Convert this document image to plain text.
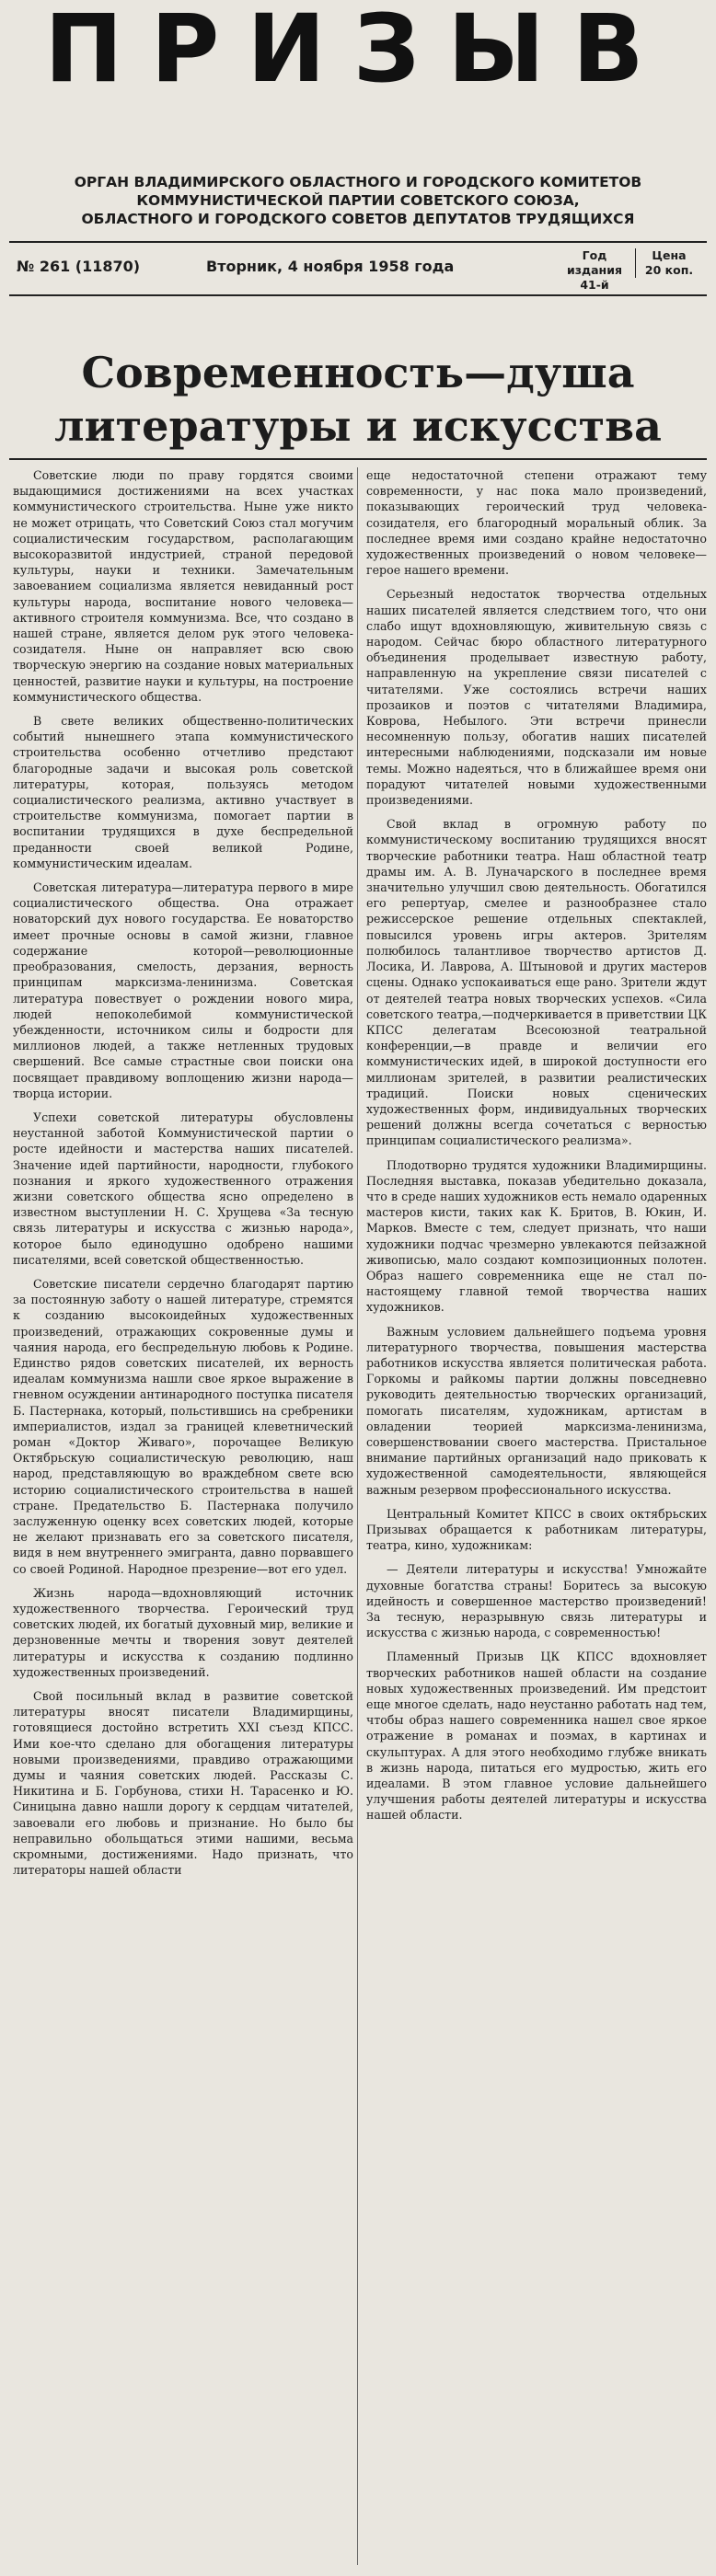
ПРИЗЫВ
ОРГАН ВЛАДИМИРСКОГО ОБЛАСТНОГО И ГОРОДСКОГО КОМИТЕТОВ
КОММУНИСТИЧЕСКОЙ ПАРТИИ СОВЕТСКОГО СОЮЗА,
ОБЛАСТНОГО И ГОРОДСКОГО СОВЕТОВ ДЕПУТАТОВ ТРУДЯЩИХСЯ
№ 261 (11870)	Вторник, 4 ноября 1958 года
Год издания
41-й
Цена
20 коп.
Современность—душа
литературы и искусства

Советские люди по праву гордятся своими выдающимися достижениями на всех участках коммунистического строительства. Ныне уже никто не может отрицать, что Советский Союз стал могучим социалистическим государством, располагающим высокоразвитой индустрией, страной передовой культуры, науки и техники. Замечательным завоеванием социализма является невиданный рост культуры народа, воспитание нового человека—активного строителя коммунизма. Все, что создано в нашей стране, является делом рук этого человека-созидателя. Ныне он направляет всю свою творческую энергию на создание новых материальных ценностей, развитие науки и культуры, на построение коммунистического общества.

В свете великих общественно-политических событий нынешнего этапа коммунистического строительства особенно отчетливо предстают благородные задачи и высокая роль советской литературы, которая, пользуясь методом социалистического реализма, активно участвует в строительстве коммунизма, помогает партии в воспитании трудящихся в духе беспредельной преданности своей великой Родине, коммунистическим идеалам.

Советская литература—литература первого в мире социалистического общества. Она отражает новаторский дух нового государства. Ее новаторство имеет прочные основы в самой жизни, главное содержание которой—революционные преобразования, смелость, дерзания, верность принципам марксизма-ленинизма. Советская литература повествует о рождении нового мира, людей непоколебимой коммунистической убежденности, источником силы и бодрости для миллионов людей, а также нетленных трудовых свершений. Все самые страстные свои поиски она посвящает правдивому воплощению жизни народа—творца истории.

Успехи советской литературы обусловлены неустанной заботой Коммунистической партии о росте идейности и мастерства наших писателей. Значение идей партийности, народности, глубокого познания и яркого художественного отражения жизни советского общества ясно определено в известном выступлении Н. С. Хрущева «За тесную связь литературы и искусства с жизнью народа», которое было единодушно одобрено нашими писателями, всей советской общественностью.

Советские писатели сердечно благодарят партию за постоянную заботу о нашей литературе, стремятся к созданию высокоидейных художественных произведений, отражающих сокровенные думы и чаяния народа, его беспредельную любовь к Родине. Единство рядов советских писателей, их верность идеалам коммунизма нашли свое яркое выражение в гневном осуждении антинародного поступка писателя Б. Пастернака, который, польстившись на сребреники империалистов, издал за границей клеветнический роман «Доктор Живаго», порочащее Великую Октябрьскую социалистическую революцию, наш народ, представляющую во враждебном свете всю историю социалистического строительства в нашей стране. Предательство Б. Пастернака получило заслуженную оценку всех советских людей, которые не желают признавать его за советского писателя, видя в нем внутреннего эмигранта, давно порвавшего со своей Родиной. Народное презрение—вот его удел.

Жизнь народа—вдохновляющий источник художественного творчества. Героический труд советских людей, их богатый духовный мир, великие и дерзновенные мечты и творения зовут деятелей литературы и искусства к созданию подлинно художественных произведений.

Свой посильный вклад в развитие советской литературы вносят писатели Владимирщины, готовящиеся достойно встретить XXI съезд КПСС. Ими кое-что сделано для обогащения литературы новыми произведениями, правдиво отражающими думы и чаяния советских людей. Рассказы С. Никитина и Б. Горбунова, стихи Н. Тарасенко и Ю. Синицына давно нашли дорогу к сердцам читателей, завоевали его любовь и признание. Но было бы неправильно обольщаться этими нашими, весьма скромными, достижениями. Надо признать, что литераторы нашей области

еще недостаточной степени отражают тему современности, у нас пока мало произведений, показывающих героический труд человека-созидателя, его благородный моральный облик. За последнее время ими создано крайне недостаточно художественных произведений о новом человеке—герое нашего времени.

Серьезный недостаток творчества отдельных наших писателей является следствием того, что они слабо ищут вдохновляющую, живительную связь с народом. Сейчас бюро областного литературного объединения проделывает известную работу, направленную на укрепление связи писателей с читателями. Уже состоялись встречи наших прозаиков и поэтов с читателями Владимира, Коврова, Небылого. Эти встречи принесли несомненную пользу, обогатив наших писателей интересными наблюдениями, подсказали им новые темы. Можно надеяться, что в ближайшее время они порадуют читателей новыми художественными произведениями.

Свой вклад в огромную работу по коммунистическому воспитанию трудящихся вносят творческие работники театра. Наш областной театр драмы им. А. В. Луначарского в последнее время значительно улучшил свою деятельность. Обогатился его репертуар, смелее и разнообразнее стало режиссерское решение отдельных спектаклей, повысился уровень игры актеров. Зрителям полюбилось талантливое творчество артистов Д. Лосика, И. Лаврова, А. Штыновой и других мастеров сцены. Однако успокаиваться еще рано. Зрители ждут от деятелей театра новых творческих успехов. «Сила советского театра,—подчеркивается в приветствии ЦК КПСС делегатам Всесоюзной театральной конференции,—в правде и величии его коммунистических идей, в широкой доступности его миллионам зрителей, в развитии реалистических традиций. Поиски новых сценических художественных форм, индивидуальных творческих решений должны всегда сочетаться с верностью принципам социалистического реализма».

Плодотворно трудятся художники Владимирщины. Последняя выставка, показав убедительно доказала, что в среде наших художников есть немало одаренных мастеров кисти, таких как К. Бритов, В. Юкин, И. Марков. Вместе с тем, следует признать, что наши художники подчас чрезмерно увлекаются пейзажной живописью, мало создают композиционных полотен. Образ нашего современника еще не стал по-настоящему главной темой творчества наших художников.

Важным условием дальнейшего подъема уровня литературного творчества, повышения мастерства работников искусства является политическая работа. Горкомы и райкомы партии должны повседневно руководить деятельностью творческих организаций, помогать писателям, художникам, артистам в овладении теорией марксизма-ленинизма, совершенствовании своего мастерства. Пристальное внимание партийных организаций надо приковать к художественной самодеятельности, являющейся важным резервом профессионального искусства.

Центральный Комитет КПСС в своих октябрьских Призывах обращается к работникам литературы, театра, кино, художникам:

— Деятели литературы и искусства! Умножайте духовные богатства страны! Боритесь за высокую идейность и совершенное мастерство произведений! За тесную, неразрывную связь литературы и искусства с жизнью народа, с современностью!

Пламенный Призыв ЦК КПСС вдохновляет творческих работников нашей области на создание новых художественных произведений. Им предстоит еще многое сделать, надо неустанно работать над тем, чтобы образ нашего современника нашел свое яркое отражение в романах и поэмах, в картинах и скульптурах. А для этого необходимо глубже вникать в жизнь народа, питаться его мудростью, жить его идеалами. В этом главное условие дальнейшего улучшения работы деятелей литературы и искусства нашей области.
